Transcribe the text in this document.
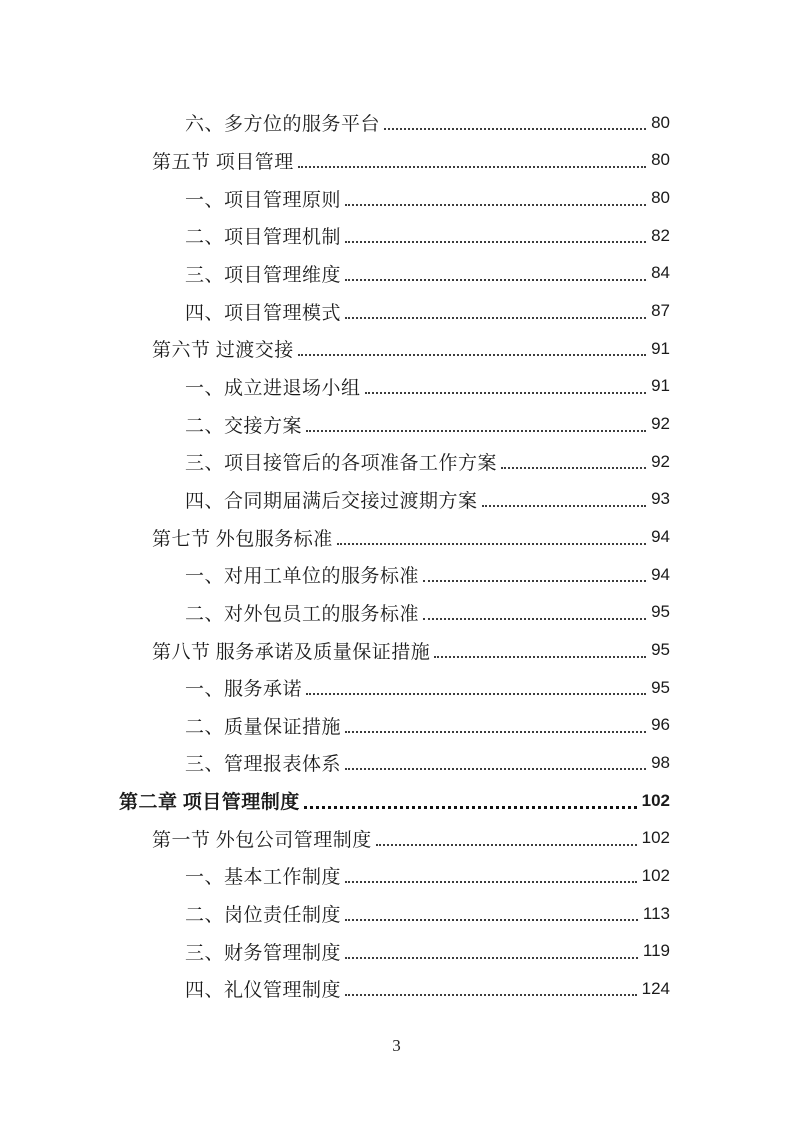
六、多方位的服务平台	80
第五节 项目管理	80
一、项目管理原则	80
二、项目管理机制	82
三、项目管理维度	84
四、项目管理模式	87
第六节 过渡交接	91
一、成立进退场小组	91
二、交接方案	92
三、项目接管后的各项准备工作方案	92
四、合同期届满后交接过渡期方案	93
第七节 外包服务标准	94
一、对用工单位的服务标准	94
二、对外包员工的服务标准	95
第八节 服务承诺及质量保证措施	95
一、服务承诺	95
二、质量保证措施	96
三、管理报表体系	98
第二章 项目管理制度	102
第一节 外包公司管理制度	102
一、基本工作制度	102
二、岗位责任制度	113
三、财务管理制度	119
四、礼仪管理制度	124
3
